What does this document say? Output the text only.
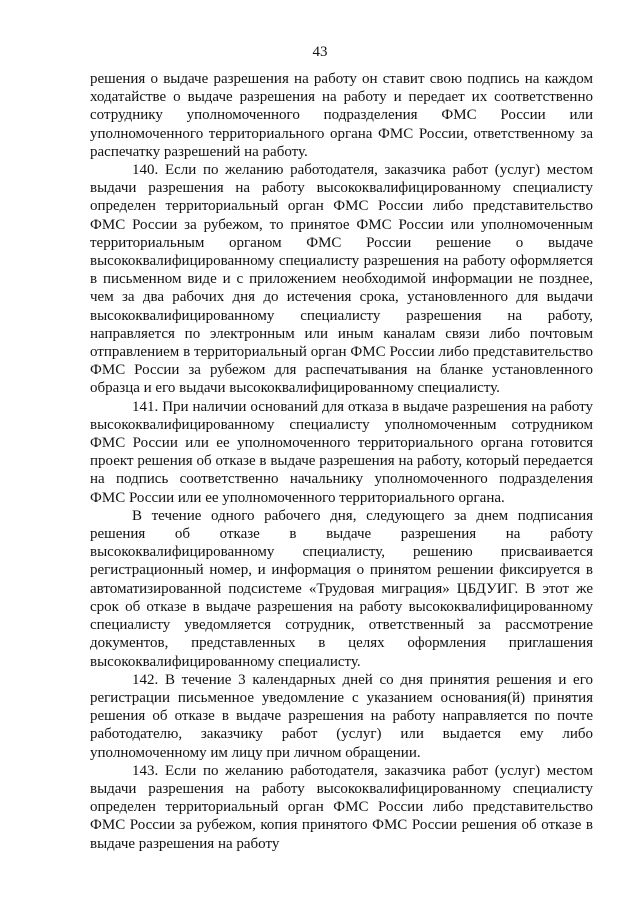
43

решения о выдаче разрешения на работу он ставит свою подпись на каждом ходатайстве о выдаче разрешения на работу и передает их соответственно сотруднику уполномоченного подразделения ФМС России или уполномоченного территориального органа ФМС России, ответственному за распечатку разрешений на работу.

140. Если по желанию работодателя, заказчика работ (услуг) местом выдачи разрешения на работу высококвалифицированному специалисту определен территориальный орган ФМС России либо представительство ФМС России за рубежом, то принятое ФМС России или уполномоченным территориальным органом ФМС России решение о выдаче высококвалифицированному специалисту разрешения на работу оформляется в письменном виде и с приложением необходимой информации не позднее, чем за два рабочих дня до истечения срока, установленного для выдачи высококвалифицированному специалисту разрешения на работу, направляется по электронным или иным каналам связи либо почтовым отправлением в территориальный орган ФМС России либо представительство ФМС России за рубежом для распечатывания на бланке установленного образца и его выдачи высококвалифицированному специалисту.

141. При наличии оснований для отказа в выдаче разрешения на работу высококвалифицированному специалисту уполномоченным сотрудником ФМС России или ее уполномоченного территориального органа готовится проект решения об отказе в выдаче разрешения на работу, который передается на подпись соответственно начальнику уполномоченного подразделения ФМС России или ее уполномоченного территориального органа.

В течение одного рабочего дня, следующего за днем подписания решения об отказе в выдаче разрешения на работу высококвалифицированному специалисту, решению присваивается регистрационный номер, и информация о принятом решении фиксируется в автоматизированной подсистеме «Трудовая миграция» ЦБДУИГ. В этот же срок об отказе в выдаче разрешения на работу высококвалифицированному специалисту уведомляется сотрудник, ответственный за рассмотрение документов, представленных в целях оформления приглашения высококвалифицированному специалисту.

142. В течение 3 календарных дней со дня принятия решения и его регистрации письменное уведомление с указанием основания(й) принятия решения об отказе в выдаче разрешения на работу направляется по почте работодателю, заказчику работ (услуг) или выдается ему либо уполномоченному им лицу при личном обращении.

143. Если по желанию работодателя, заказчика работ (услуг) местом выдачи разрешения на работу высококвалифицированному специалисту определен территориальный орган ФМС России либо представительство ФМС России за рубежом, копия принятого ФМС России решения об отказе в выдаче разрешения на работу
